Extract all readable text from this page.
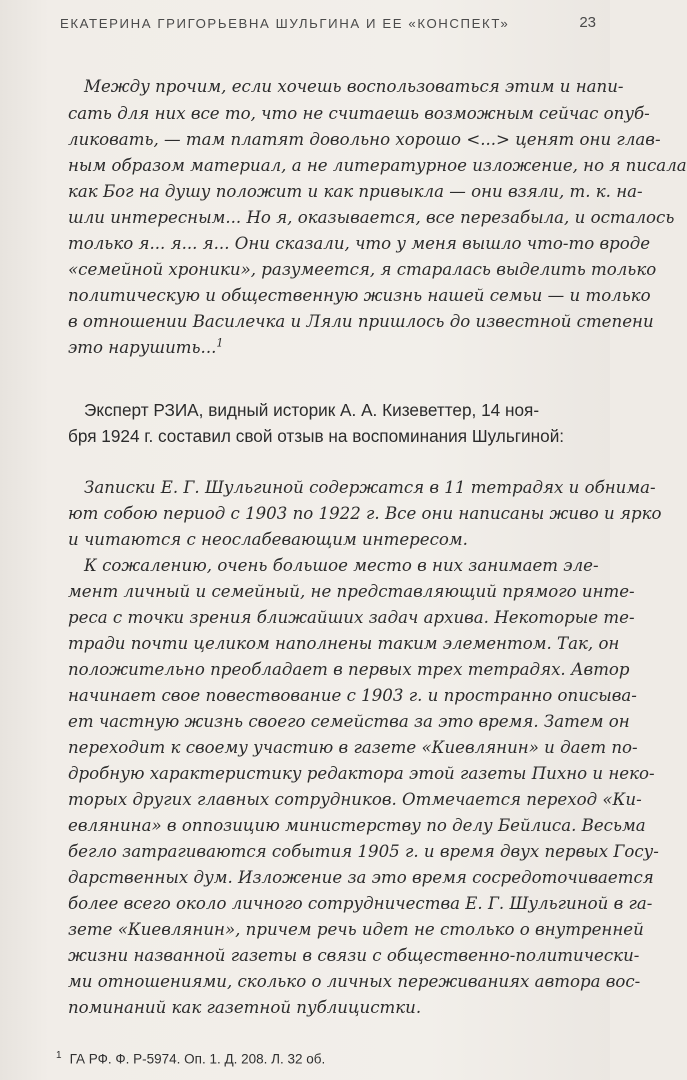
ЕКАТЕРИНА ГРИГОРЬЕВНА ШУЛЬГИНА И ЕЕ «КОНСПЕКТ»	23
Между прочим, если хочешь воспользоваться этим и напи-
сать для них все то, что не считаешь возможным сейчас опуб-
ликовать, — там платят довольно хорошо <...> ценят они глав-
ным образом материал, а не литературное изложение, но я писала
как Бог на душу положит и как привыкла — они взяли, т. к. на-
шли интересным... Но я, оказывается, все перезабыла, и осталось
только я... я... я... Они сказали, что у меня вышло что-то вроде
«семейной хроники», разумеется, я старалась выделить только
политическую и общественную жизнь нашей семьи — и только
в отношении Василечка и Ляли пришлось до известной степени
это нарушить...$^1$
Эксперт РЗИА, видный историк А. А. Кизеветтер, 14 ноя-
бря 1924 г. составил свой отзыв на воспоминания Шульгиной:
Записки Е. Г. Шульгиной содержатся в 11 тетрадях и обнима-
ют собою период с 1903 по 1922 г. Все они написаны живо и ярко
и читаются с неослабевающим интересом.
К сожалению, очень большое место в них занимает эле-
мент личный и семейный, не представляющий прямого инте-
реса с точки зрения ближайших задач архива. Некоторые те-
тради почти целиком наполнены таким элементом. Так, он
положительно преобладает в первых трех тетрадях. Автор
начинает свое повествование с 1903 г. и пространно описыва-
ет частную жизнь своего семейства за это время. Затем он
переходит к своему участию в газете «Киевлянин» и дает по-
дробную характеристику редактора этой газеты Пихно и неко-
торых других главных сотрудников. Отмечается переход «Ки-
евлянина» в оппозицию министерству по делу Бейлиса. Весьма
бегло затрагиваются события 1905 г. и время двух первых Госу-
дарственных дум. Изложение за это время сосредоточивается
более всего около личного сотрудничества Е. Г. Шульгиной в га-
зете «Киевлянин», причем речь идет не столько о внутренней
жизни названной газеты в связи с общественно-политически-
ми отношениями, сколько о личных переживаниях автора вос-
поминаний как газетной публицистки.
$^1$ ГА РФ. Ф. Р-5974. Оп. 1. Д. 208. Л. 32 об.
